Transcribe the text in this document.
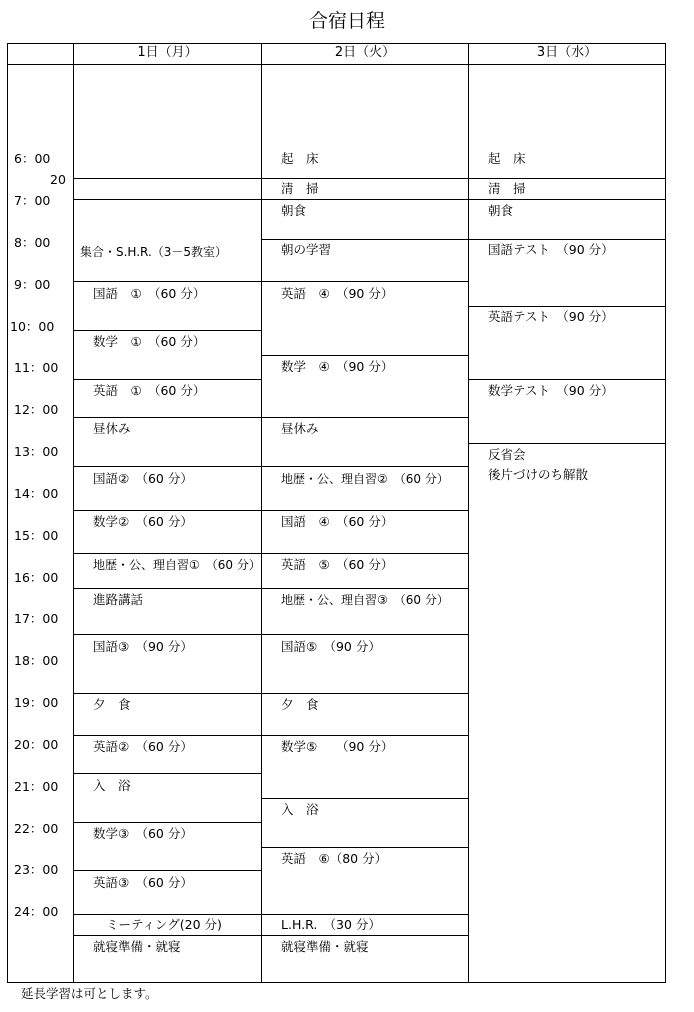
合宿日程
1日（月）	2日（火）	3日（水）
6：00
20
7：00
8：00
9：00
10：00
11：00
12：00
13：00
14：00
15：00
16：00
17：00
18：00
19：00
20：00
21：00
22：00
23：00
24：00
集合・S.H.R.（3－5教室）
国語　①　（60 分）
数学　①　（60 分）
英語　①　（60 分）
昼休み
国語②　（60 分）
数学②　（60 分）
地歴・公、理自習①　（60 分）
進路講話
国語③　（90 分）
夕　食
英語②　（60 分）
入　浴
数学③　（60 分）
英語③　（60 分）
ミーティング(20 分)
就寝準備・就寝
起　床
清　掃
朝食
朝の学習
英語　④　（90 分）
数学　④　（90 分）
昼休み
地歴・公、理自習②　（60 分）
国語　④　（60 分）
英語　⑤　（60 分）
地歴・公、理自習③　（60 分）
国語⑤　（90 分）
夕　食
数学⑤　　（90 分）
入　浴
英語　⑥（80 分）
L.H.R.　（30 分）
就寝準備・就寝
起　床
清　掃
朝食
国語テスト　（90 分）
英語テスト　（90 分）
数学テスト　（90 分）
反省会
後片づけのち解散
延長学習は可とします。
